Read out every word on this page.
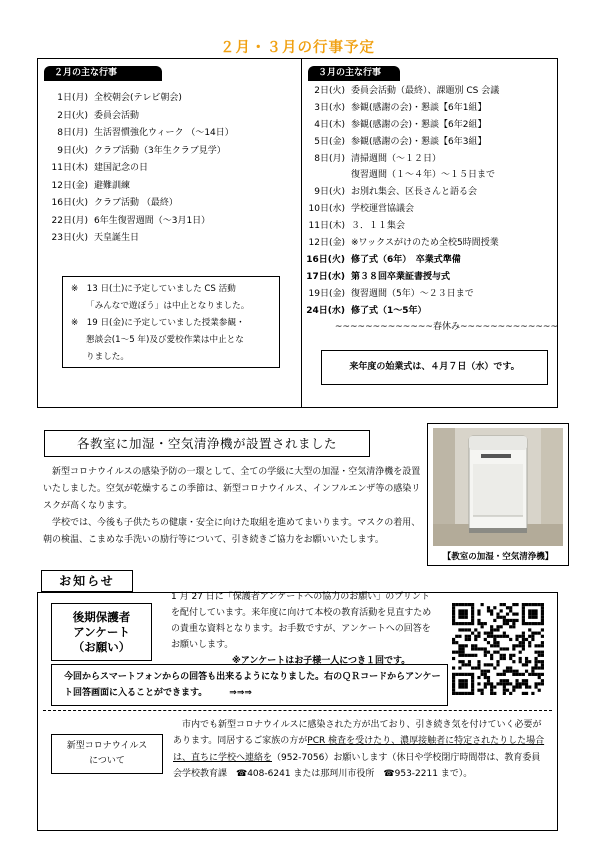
２月・３月の行事予定
２月の主な行事	３月の主な行事
1日(月) 全校朝会(テレビ朝会)
2日(火) 委員会活動
8日(月) 生活習慣強化ウィーク （～14日）
9日(火) クラブ活動（3年生クラブ見学）
11日(木) 建国記念の日
12日(金) 避難訓練
16日(火) クラブ活動 （最終）
22日(月) 6年生復習週間（～3月1日）
23日(火) 天皇誕生日
2日(火) 委員会活動（最終）、課題別 CS 会議
3日(水) 参観(感謝の会)・懇談【6年1組】
4日(木) 参観(感謝の会)・懇談【6年2組】
5日(金) 参観(感謝の会)・懇談【6年3組】
8日(月) 清掃週間（～１２日）
復習週間（１～４年）～１５日まで
9日(火) お別れ集会、区長さんと語る会
10日(水) 学校運営協議会
11日(木) ３．１１集会
12日(金) ※ワックスがけのため全校5時間授業
16日(火) 修了式（6年）　卒業式準備
17日(水) 第３８回卒業証書授与式
19日(金) 復習週間（5年）～２３日まで
24日(水) 修了式（1～5年）
~~~~~~~~~~~~~春休み~~~~~~~~~~~~~

※　13 日(土)に予定していました CS 活動

「みんなで遊ぼう」は中止となりました。

※　19 日(金)に予定していました授業参観・

懇談会(1～5 年)及び愛校作業は中止とな

りました。

来年度の始業式は、４月７日（水）です。
各教室に加湿・空気清浄機が設置されました

新型コロナウイルスの感染予防の一環として、全ての学級に大型の加湿・空気清浄機を設置いたしました。空気が乾燥するこの季節は、新型コロナウイルス、インフルエンザ等の感染リスクが高くなります。

学校では、今後も子供たちの健康・安全に向けた取組を進めてまいります。マスクの着用、朝の検温、こまめな手洗いの励行等について、引き続きご協力をお願いいたします。

【教室の加湿・空気清浄機】
お知らせ
後期保護者
アンケート
（お願い）
1 月 27 日に「保護者アンケートへの協力のお願い」のプリントを配付しています。来年度に向けて本校の教育活動を見直すための貴重な資料となります。お手数ですが、アンケートへの回答をお願いします。
※アンケートはお子様一人につき１回です。
今回からスマートフォンからの回答も出来るようになりました。右のＱＲコードからアンケート回答画面に入ることができます。 ⇒⇒⇒
新型コロナウイルス
について
市内でも新型コロナウイルスに感染された方が出ており、引き続き気を付けていく必要があります。同居するご家族の方がPCR 検査を受けたり、濃厚接触者に特定されたりした場合は、直ちに学校へ連絡を（952-7056）お願いします（休日や学校閉庁時間帯は、教育委員会学校教育課　☎408-6241 または那珂川市役所　☎953-2211 まで）。
